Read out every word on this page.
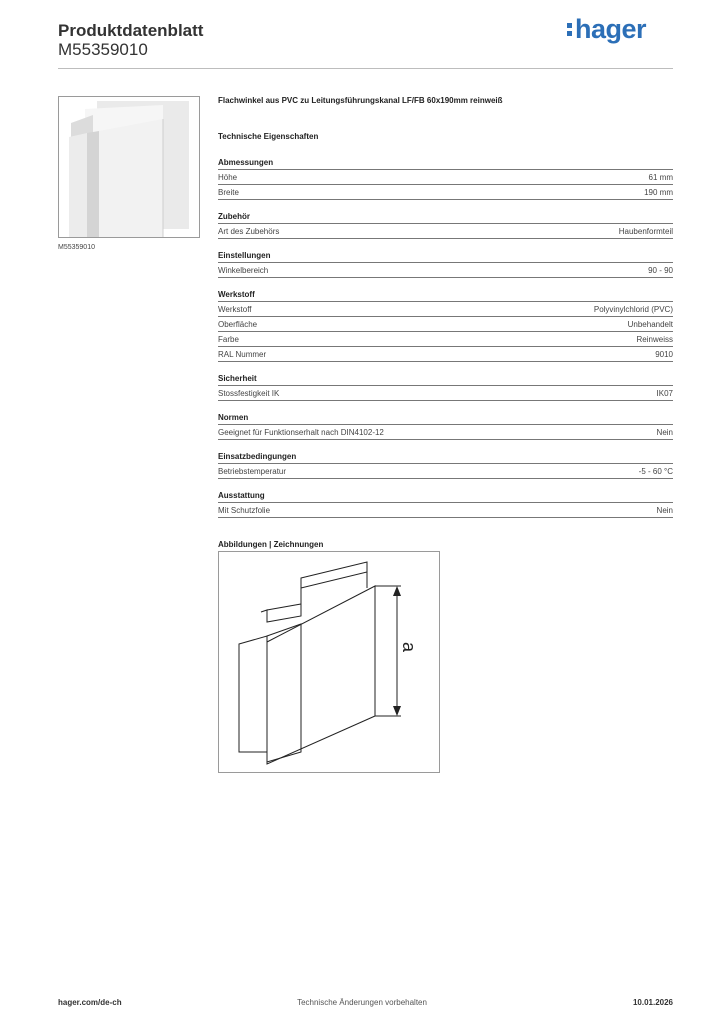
Produktdatenblatt
M55359010
hager
M55359010
Flachwinkel aus PVC zu Leitungsführungskanal LF/FB 60x190mm reinweiß
Technische Eigenschaften
Abmessungen
Höhe	61 mm
Breite	190 mm
Zubehör
Art des Zubehörs	Haubenformteil
Einstellungen
Winkelbereich	90 - 90
Werkstoff
Werkstoff	Polyvinylchlorid (PVC)
Oberfläche	Unbehandelt
Farbe	Reinweiss
RAL Nummer	9010
Sicherheit
Stossfestigkeit IK	IK07
Normen
Geeignet für Funktionserhalt nach DIN4102-12	Nein
Einsatzbedingungen
Betriebstemperatur	-5 - 60 °C
Ausstattung
Mit Schutzfolie	Nein
Abbildungen | Zeichnungen
a
hager.com/de-ch	Technische Änderungen vorbehalten	10.01.2026
